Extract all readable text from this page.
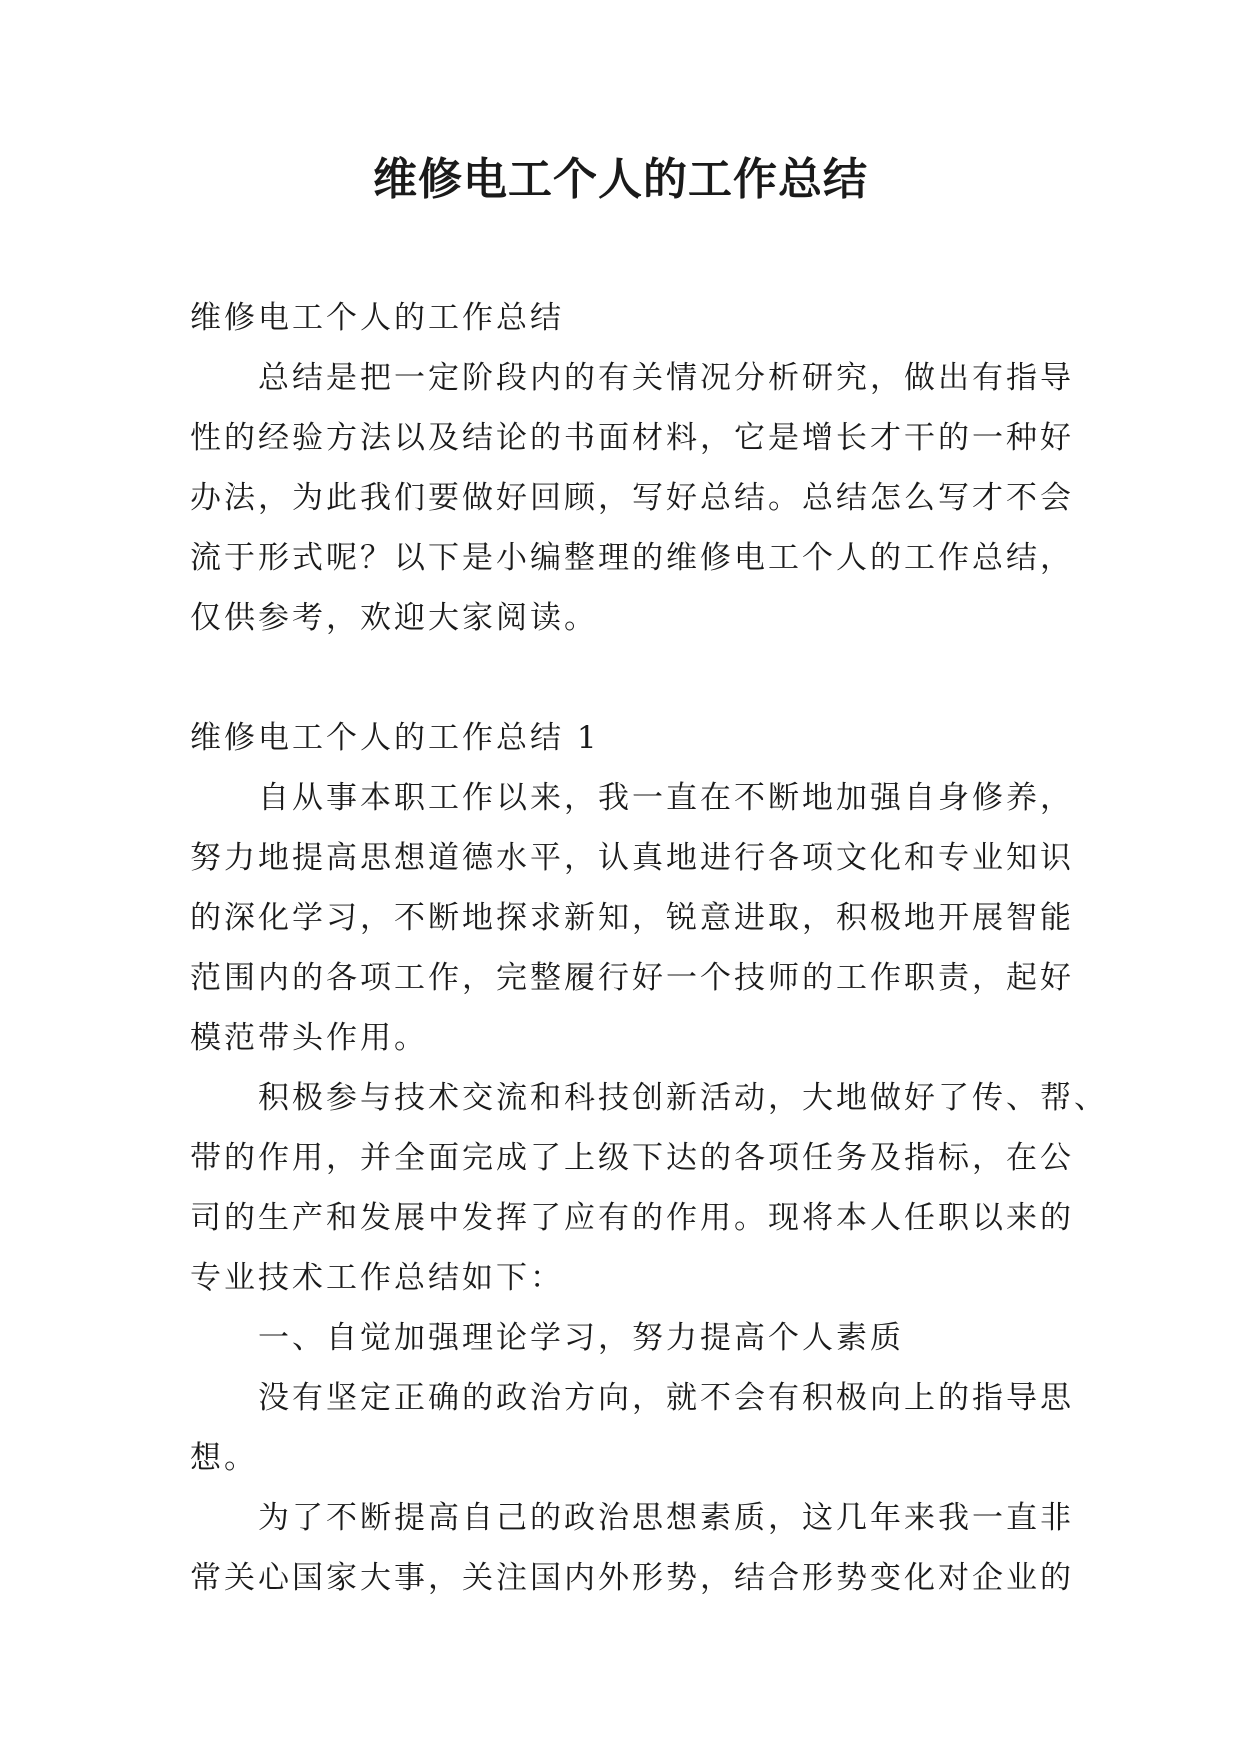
维修电工个人的工作总结
维修电工个人的工作总结
总结是把一定阶段内的有关情况分析研究，做出有指导
性的经验方法以及结论的书面材料，它是增长才干的一种好
办法，为此我们要做好回顾，写好总结。总结怎么写才不会
流于形式呢？以下是小编整理的维修电工个人的工作总结，
仅供参考，欢迎大家阅读。
维修电工个人的工作总结 1
自从事本职工作以来，我一直在不断地加强自身修养，
努力地提高思想道德水平，认真地进行各项文化和专业知识
的深化学习，不断地探求新知，锐意进取，积极地开展智能
范围内的各项工作，完整履行好一个技师的工作职责，起好
模范带头作用。
积极参与技术交流和科技创新活动，大地做好了传、帮、
带的作用，并全面完成了上级下达的各项任务及指标，在公
司的生产和发展中发挥了应有的作用。现将本人任职以来的
专业技术工作总结如下：
一、自觉加强理论学习，努力提高个人素质
没有坚定正确的政治方向，就不会有积极向上的指导思
想。
为了不断提高自己的政治思想素质，这几年来我一直非
常关心国家大事，关注国内外形势，结合形势变化对企业的
